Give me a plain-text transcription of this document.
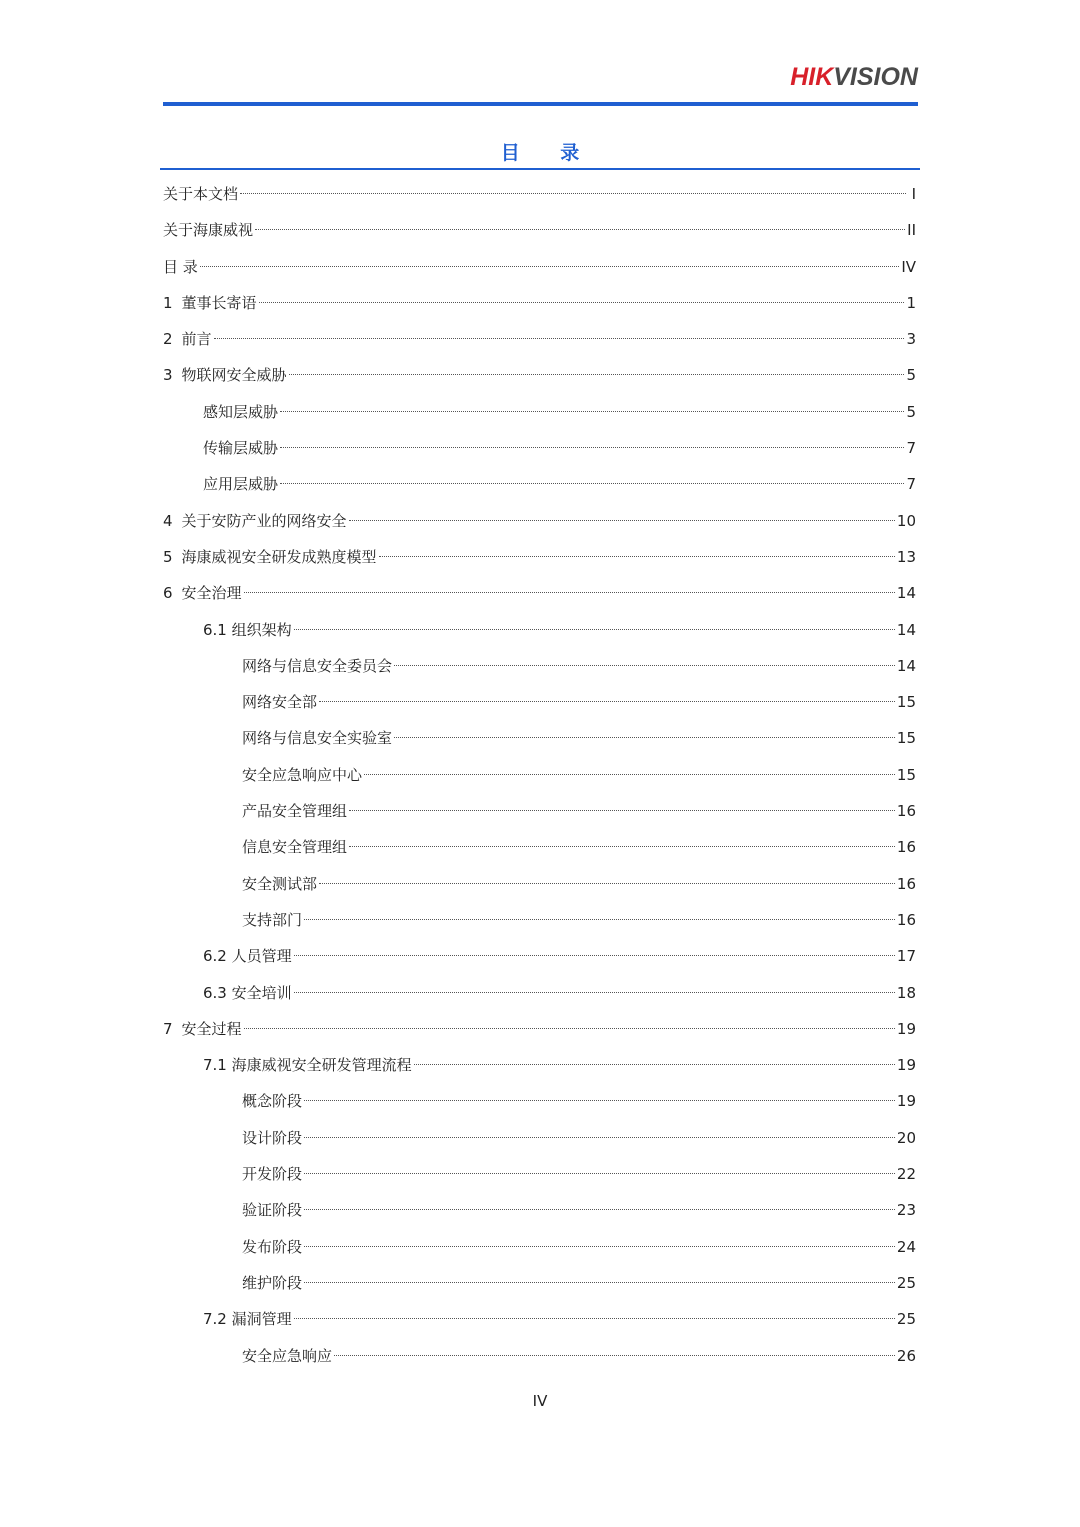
HIKVISION
目 录
关于本文档	I
关于海康威视	II
目 录	IV
1 董事长寄语	1
2 前言	3
3 物联网安全威胁	5
感知层威胁	5
传输层威胁	7
应用层威胁	7
4 关于安防产业的网络安全	10
5 海康威视安全研发成熟度模型	13
6 安全治理	14
6.1 组织架构	14
网络与信息安全委员会	14
网络安全部	15
网络与信息安全实验室	15
安全应急响应中心	15
产品安全管理组	16
信息安全管理组	16
安全测试部	16
支持部门	16
6.2 人员管理	17
6.3 安全培训	18
7 安全过程	19
7.1 海康威视安全研发管理流程	19
概念阶段	19
设计阶段	20
开发阶段	22
验证阶段	23
发布阶段	24
维护阶段	25
7.2 漏洞管理	25
安全应急响应	26
IV
